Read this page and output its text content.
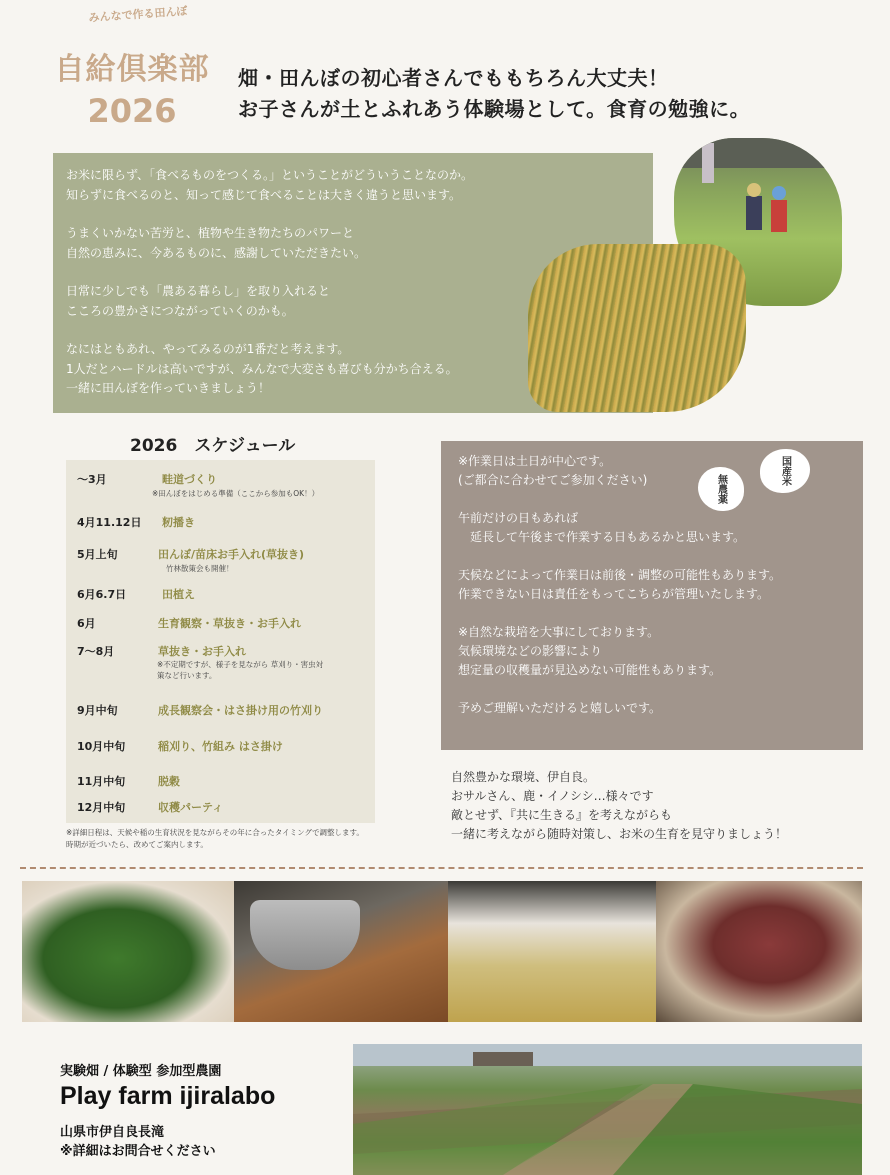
みんなで作る田んぼ
自給倶楽部
2026
畑・田んぼの初心者さんでももちろん大丈夫！
お子さんが土とふれあう体験場として。食育の勉強に。

お米に限らず、「食べるものをつくる。」ということがどういうことなのか。
知らずに食べるのと、知って感じて食べることは大きく違うと思います。

うまくいかない苦労と、植物や生き物たちのパワーと
自然の恵みに、今あるものに、感謝していただきたい。

日常に少しでも「農ある暮らし」を取り入れると
こころの豊かさにつながっていくのかも。

なにはともあれ、やってみるのが1番だと考えます。
1人だとハードルは高いですが、みんなで大変さも喜びも分かち合える。
一緒に田んぼを作っていきましょう！

2026　スケジュール
〜3月	畦道づくり
※田んぼをはじめる準備（ここから参加もOK！）
4月11.12日 籾播き
5月上旬	田んぼ/苗床お手入れ(草抜き)
竹林散策会も開催！
6月6.7日	田植え
6月	生育観察・草抜き・お手入れ
7〜8月	草抜き・お手入れ
※不定期ですが、様子を見ながら 草刈り・害虫対策など行います。
9月中旬	成長観察会・はさ掛け用の竹刈り
10月中旬	稲刈り、竹組み はさ掛け
11月中旬	脱穀
12月中旬	収穫パーティ
※詳細日程は、天候や稲の生育状況を見ながらその年に合ったタイミングで調整します。
時期が近づいたら、改めてご案内します。

※作業日は土日が中心です。
(ご都合に合わせてご参加ください)

午前だけの日もあれば
　延長して午後まで作業する日もあるかと思います。

天候などによって作業日は前後・調整の可能性もあります。
作業できない日は責任をもってこちらが管理いたします。

※自然な栽培を大事にしております。
気候環境などの影響により
想定量の収穫量が見込めない可能性もあります。

予めご理解いただけると嬉しいです。

無農薬
国産米

自然豊かな環境、伊自良。

おサルさん、鹿・イノシシ…様々です

敵とせず、『共に生きる』を考えながらも

一緒に考えながら随時対策し、お米の生育を見守りましょう！

実験畑 / 体験型 参加型農園
Play farm ijiralabo
山県市伊自良長滝
※詳細はお問合せください
